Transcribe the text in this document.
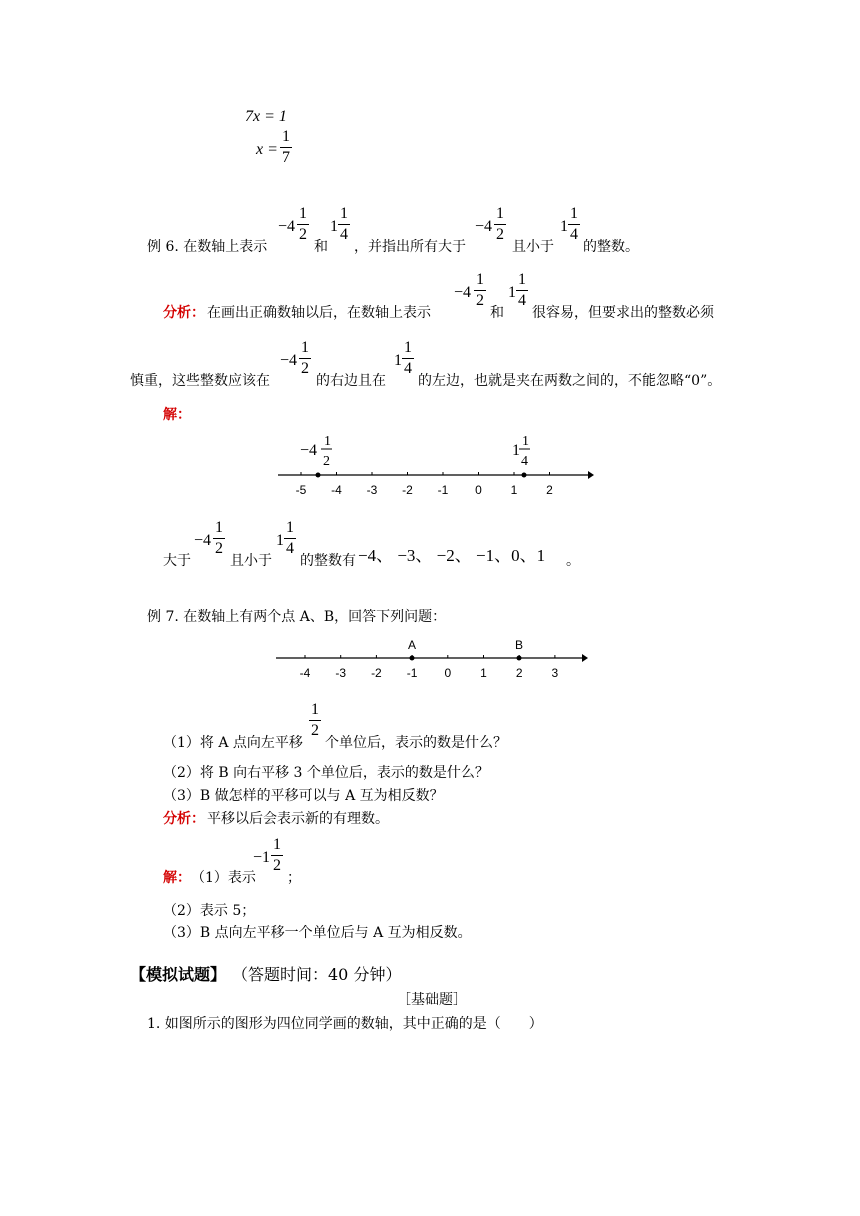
7x = 1
x =
1
7
例 6. 在数轴上表示
−4
1
2
和
1
1
4
，并指出所有大于
−4
1
2
且小于
1
1
4
的整数。
分析： 在画出正确数轴以后，在数轴上表示
−4
1
2
和
1
1
4
很容易，但要求出的整数必须
慎重，这些整数应该在
−4
1
2
的右边且在
1
1
4
的左边，也就是夹在两数之间的，不能忽略“0”。
解：
-5 -4 -3 -2 -1 0 1 2
−4
1
2
1
1
4
大于
−4
1
2
且小于
1
1
4
的整数有 −4、 −3、 −2、 −1、0、1 。
例 7. 在数轴上有两个点 A、B，回答下列问题：
-4 -3 -2 -1 0 1 2 3
A	B
（1）将 A 点向左平移
1
2
个单位后，表示的数是什么？
（2）将 B 向右平移 3 个单位后，表示的数是什么？
（3）B 做怎样的平移可以与 A 互为相反数？
分析： 平移以后会表示新的有理数。
解： （1）表示
−1
1
2
；
（2）表示 5；
（3）B 点向左平移一个单位后与 A 互为相反数。
【模拟试题】 （答题时间：40 分钟）
［基础题］
1. 如图所示的图形为四位同学画的数轴，其中正确的是（　　）
